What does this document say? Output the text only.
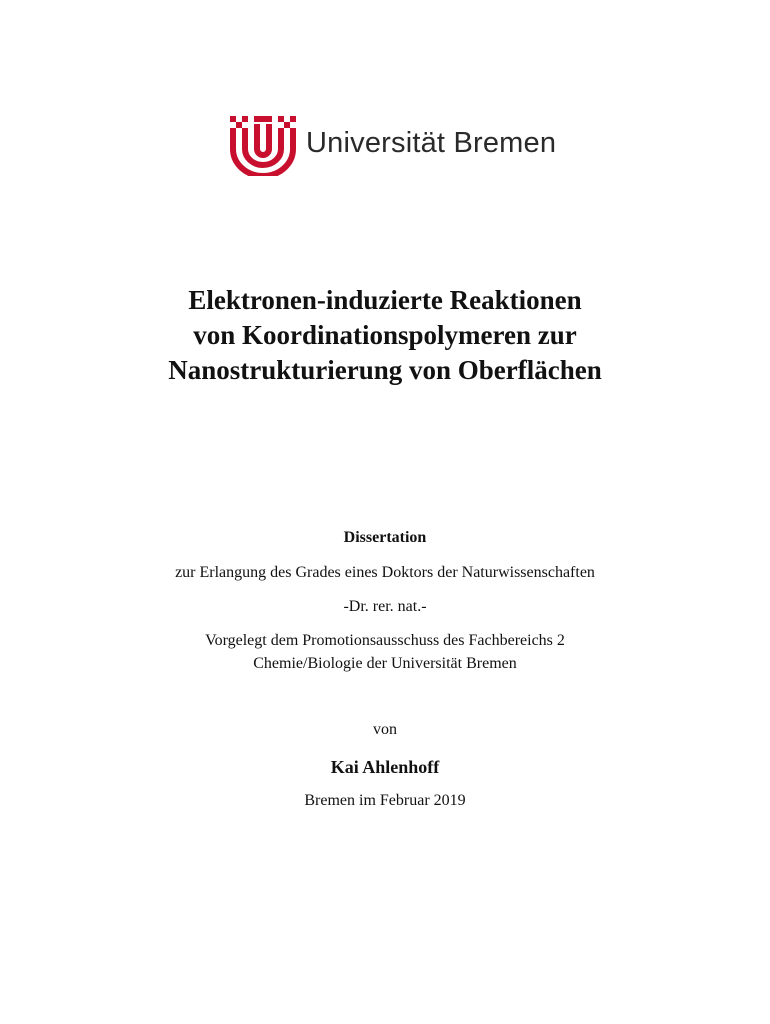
Universität Bremen
Elektronen-induzierte Reaktionen
von Koordinationspolymeren zur
Nanostrukturierung von Oberflächen
Dissertation
zur Erlangung des Grades eines Doktors der Naturwissenschaften
-Dr. rer. nat.-
Vorgelegt dem Promotionsausschuss des Fachbereichs 2
Chemie/Biologie der Universität Bremen
von
Kai Ahlenhoff
Bremen im Februar 2019
